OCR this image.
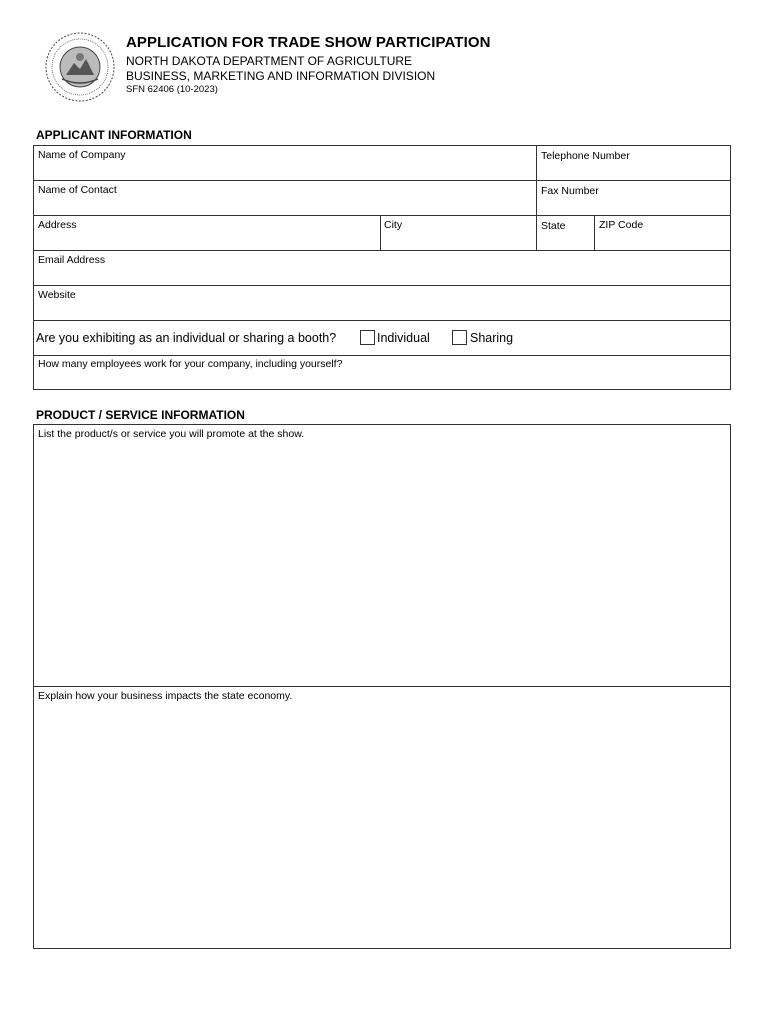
APPLICATION FOR TRADE SHOW PARTICIPATION
NORTH DAKOTA DEPARTMENT OF AGRICULTURE
BUSINESS, MARKETING AND INFORMATION DIVISION
SFN 62406 (10-2023)
APPLICANT INFORMATION
Name of Company	Telephone Number
Name of Contact	Fax Number
Address	City	State	ZIP Code
Email Address
Website
Are you exhibiting as an individual or sharing a booth?	Individual	Sharing
How many employees work for your company, including yourself?
PRODUCT / SERVICE INFORMATION
List the product/s or service you will promote at the show.
Explain how your business impacts the state economy.
